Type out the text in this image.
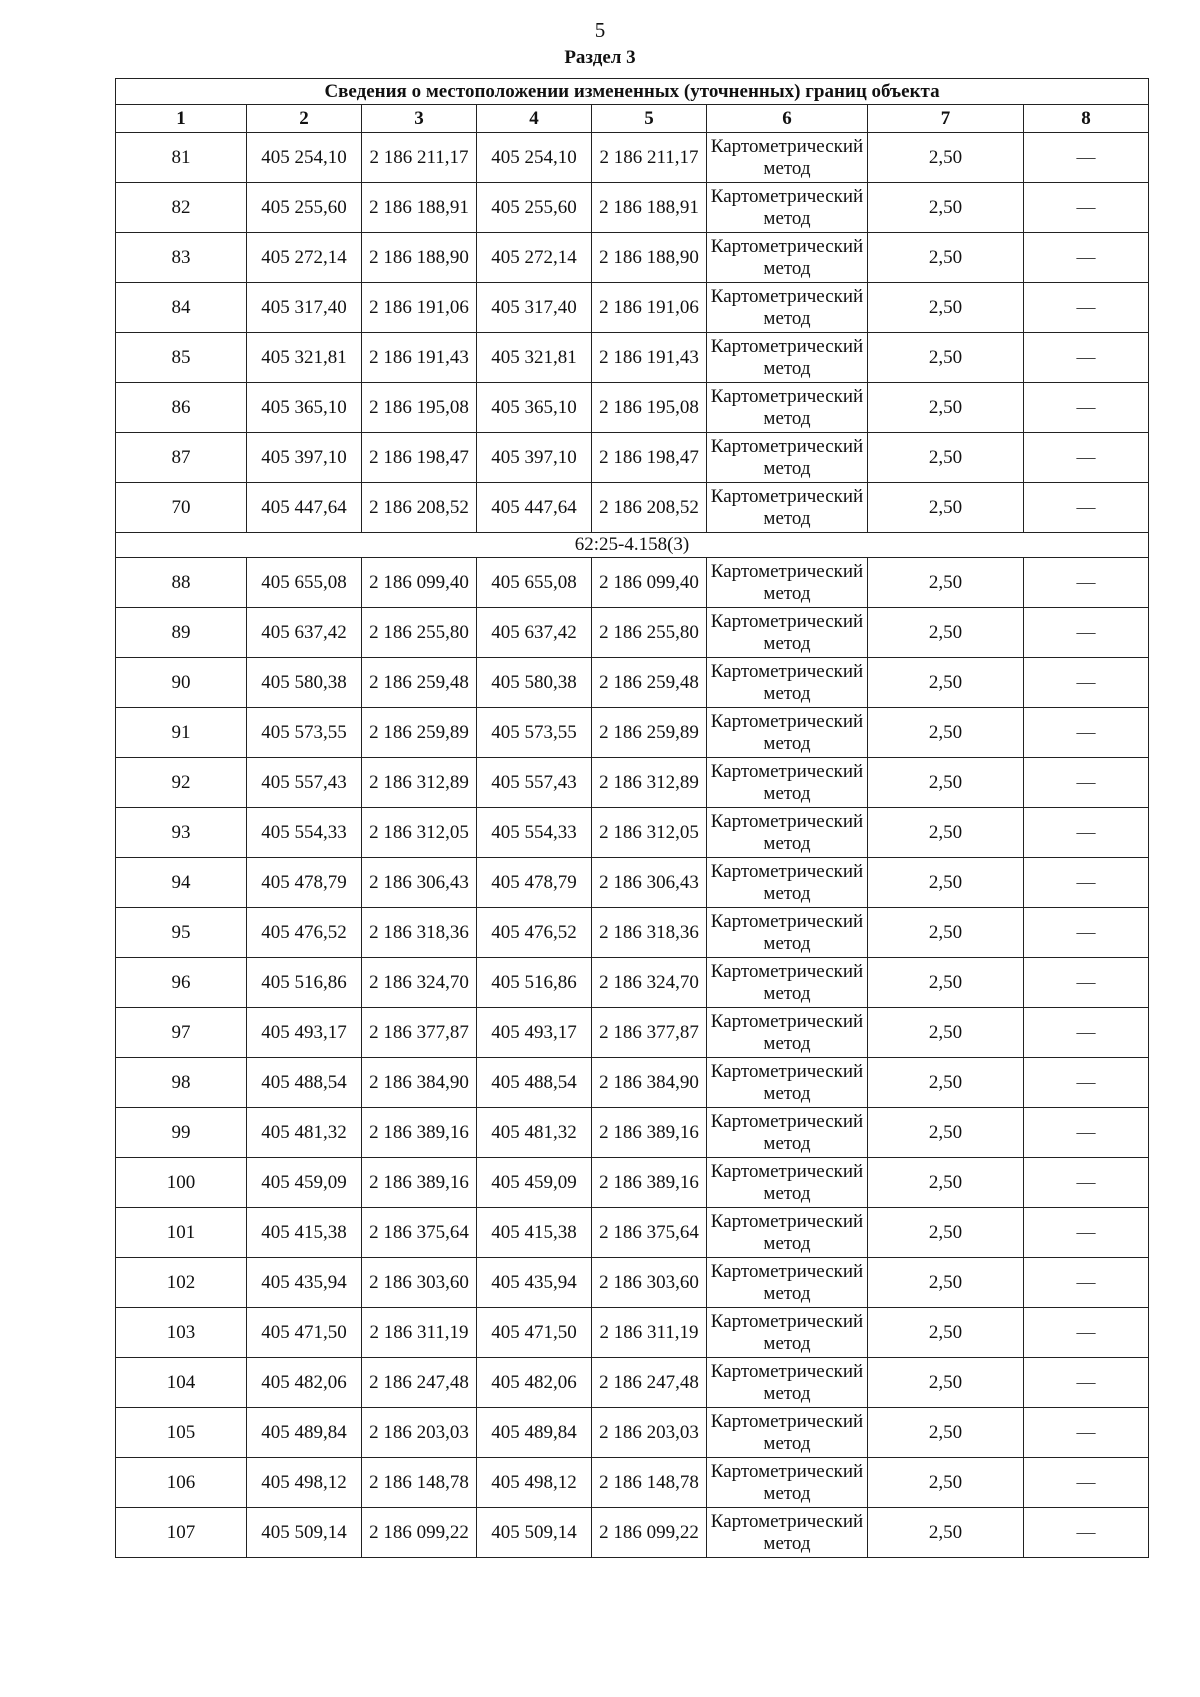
5
Раздел 3
Сведения о местоположении измененных (уточненных) границ объекта							
1	2	3	4	5	6	7	8
81	405 254,10	2 186 211,17	405 254,10	2 186 211,17	Картометрический метод	2,50	—
82	405 255,60	2 186 188,91	405 255,60	2 186 188,91	Картометрический метод	2,50	—
83	405 272,14	2 186 188,90	405 272,14	2 186 188,90	Картометрический метод	2,50	—
84	405 317,40	2 186 191,06	405 317,40	2 186 191,06	Картометрический метод	2,50	—
85	405 321,81	2 186 191,43	405 321,81	2 186 191,43	Картометрический метод	2,50	—
86	405 365,10	2 186 195,08	405 365,10	2 186 195,08	Картометрический метод	2,50	—
87	405 397,10	2 186 198,47	405 397,10	2 186 198,47	Картометрический метод	2,50	—
70	405 447,64	2 186 208,52	405 447,64	2 186 208,52	Картометрический метод	2,50	—
62:25-4.158(3)							
88	405 655,08	2 186 099,40	405 655,08	2 186 099,40	Картометрический метод	2,50	—
89	405 637,42	2 186 255,80	405 637,42	2 186 255,80	Картометрический метод	2,50	—
90	405 580,38	2 186 259,48	405 580,38	2 186 259,48	Картометрический метод	2,50	—
91	405 573,55	2 186 259,89	405 573,55	2 186 259,89	Картометрический метод	2,50	—
92	405 557,43	2 186 312,89	405 557,43	2 186 312,89	Картометрический метод	2,50	—
93	405 554,33	2 186 312,05	405 554,33	2 186 312,05	Картометрический метод	2,50	—
94	405 478,79	2 186 306,43	405 478,79	2 186 306,43	Картометрический метод	2,50	—
95	405 476,52	2 186 318,36	405 476,52	2 186 318,36	Картометрический метод	2,50	—
96	405 516,86	2 186 324,70	405 516,86	2 186 324,70	Картометрический метод	2,50	—
97	405 493,17	2 186 377,87	405 493,17	2 186 377,87	Картометрический метод	2,50	—
98	405 488,54	2 186 384,90	405 488,54	2 186 384,90	Картометрический метод	2,50	—
99	405 481,32	2 186 389,16	405 481,32	2 186 389,16	Картометрический метод	2,50	—
100	405 459,09	2 186 389,16	405 459,09	2 186 389,16	Картометрический метод	2,50	—
101	405 415,38	2 186 375,64	405 415,38	2 186 375,64	Картометрический метод	2,50	—
102	405 435,94	2 186 303,60	405 435,94	2 186 303,60	Картометрический метод	2,50	—
103	405 471,50	2 186 311,19	405 471,50	2 186 311,19	Картометрический метод	2,50	—
104	405 482,06	2 186 247,48	405 482,06	2 186 247,48	Картометрический метод	2,50	—
105	405 489,84	2 186 203,03	405 489,84	2 186 203,03	Картометрический метод	2,50	—
106	405 498,12	2 186 148,78	405 498,12	2 186 148,78	Картометрический метод	2,50	—
107	405 509,14	2 186 099,22	405 509,14	2 186 099,22	Картометрический метод	2,50	—
